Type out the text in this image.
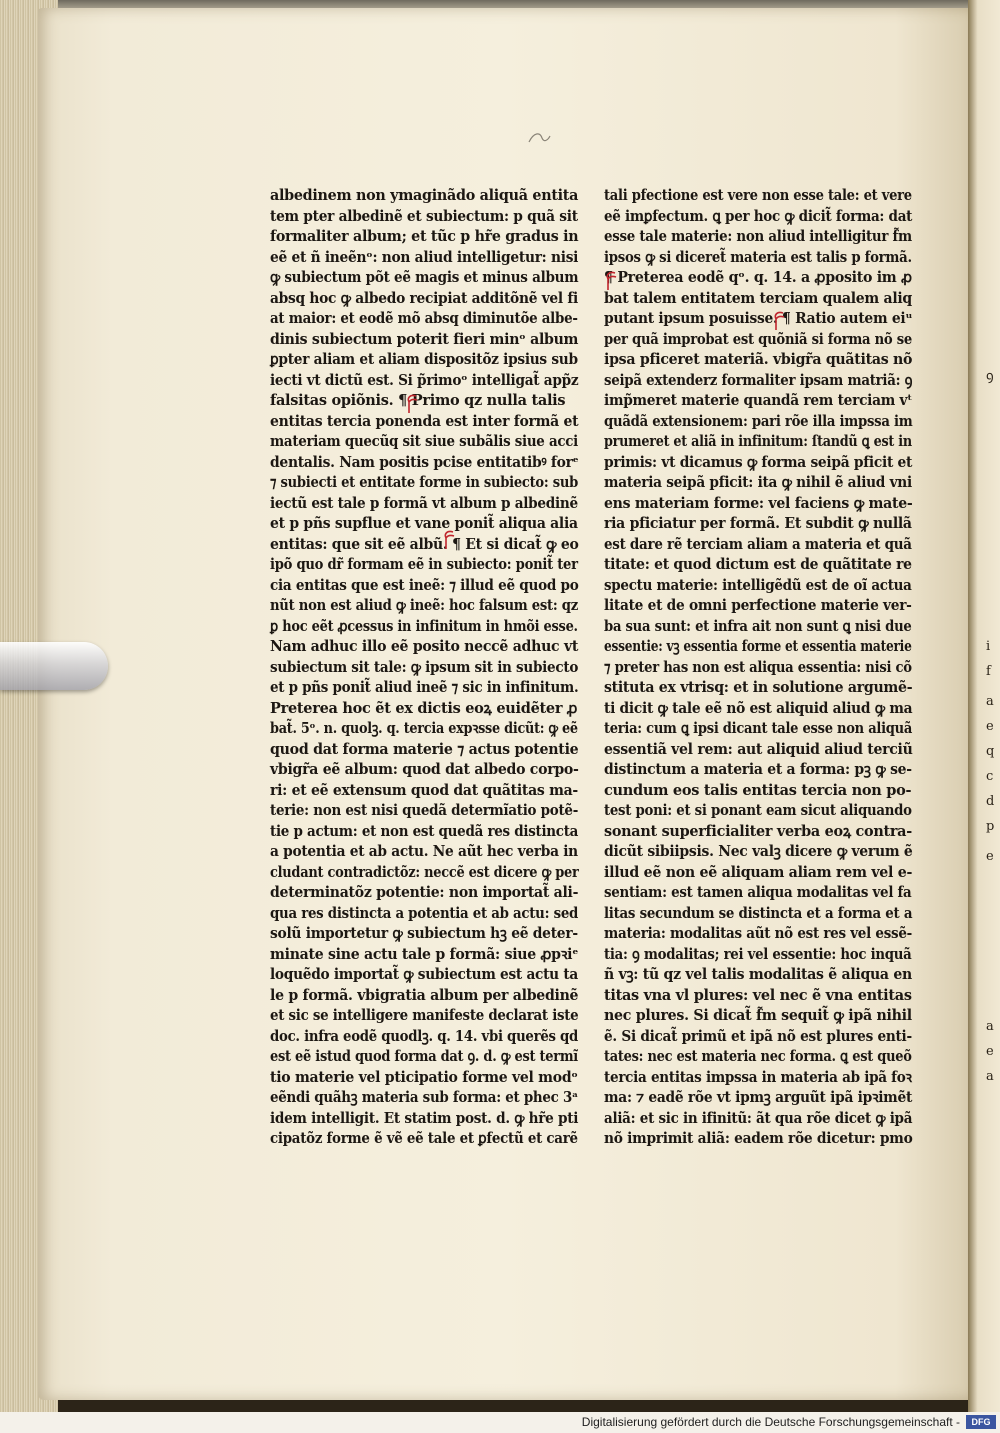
ꝯ
i
f
a
e
q
c
d
p
e
a
e
a
albedinem non ymaginãdo aliquã entita
tem pter albedinẽ et subiectum: p quã sit
formaliter album; et tũc p hr̃e gradus in
eẽ et ñ ineẽnᵒ: non aliud intelligetur: nisi
ꝙ subiectum põt eẽ magis et minus album
absq hoc ꝙ albedo recipiat additõnẽ vel fi
at maior: et eodẽ mõ absq diminutõe albe-
dinis subiectum poterit fieri minᵒ album
ꝑpter aliam et aliam dispositõz ipsius sub
iecti vt dictũ est. Si p̃rimoᵒ intelligat̃ app̃z
falsitas opiõnis. ¶ Primo qz nulla talis
entitas tercia ponenda est inter formã et
materiam quecũq sit siue subãlis siue acci
dentalis. Nam positis pcise entitatibꝰ forᵉ
⁊ subiecti et entitate forme in subiecto: sub
iectũ est tale p formã vt album p albedinẽ
et p pñs supflue et vane ponit̃ aliqua alia
entitas: que sit eẽ albũ. ¶ Et si dicat̃ ꝙ eo
ipõ quo dr̃ formam eẽ in subiecto: ponit̃ ter
cia entitas que est ineẽ: ⁊ illud eẽ quod po
nũt non est aliud ꝙ ineẽ: hoc falsum est: qz
ꝑ hoc eẽt ꝓcessus in infinitum in hmõi esse.
Nam adhuc illo eẽ posito neccẽ adhuc vt
subiectum sit tale: ꝙ ipsum sit in subiecto
et p pñs ponit̃ aliud ineẽ ⁊ sic in infinitum.
Preterea hoc ẽt ex dictis eoꝝ euidẽter ꝓ
bat̃. 5ᵒ. n. quolꝫ. q. tercia expꝛsse dicũt: ꝙ eẽ
quod dat forma materie ⁊ actus potentie
vbigr̃a eẽ album: quod dat albedo corpo-
ri: et eẽ extensum quod dat quãtitas ma-
terie: non est nisi quedã determĩatio potẽ-
tie p actum: et non est quedã res distincta
a potentia et ab actu. Ne aũt hec verba in
cludant contradictõz: neccẽ est dicere ꝙ per
determinatõz potentie: non importat̃ ali-
qua res distincta a potentia et ab actu: sed
solũ importetur ꝙ subiectum hꝫ eẽ deter-
minate sine actu tale p formã: siue ꝓpꝛiᵉ
loquẽdo importat̃ ꝙ subiectum est actu ta
le p formã. vbigratia album per albedinẽ
et sic se intelligere manifeste declarat iste
doc. infra eodẽ quodlꝫ. q. 14. vbi querẽs qd
est eẽ istud quod forma dat ꝯ. d. ꝙ est termĩ
tio materie vel pticipatio forme vel modᵒ
eẽndi quãhꝫ materia sub forma: et phec 3ᵃ
idem intelligit. Et statim post. d. ꝙ hr̃e pti
cipatõz forme ẽ vẽ eẽ tale et ꝑfectũ et carẽ
tali pfectione est vere non esse tale: et vere
eẽ imꝑfectum. ꝗ per hoc ꝙ dicit̃ forma: dat
esse tale materie: non aliud intelligitur f̃m
ipsos ꝙ si diceret̃ materia est talis p formã.
¶ Preterea eodẽ qᵒ. q. 14. a ꝓposito im ꝓ
bat talem entitatem terciam qualem aliq
putant ipsum posuisse. ¶ Ratio autem eiᵘ
per quã improbat est quõniã si forma nõ se
ipsa pficeret materiã. vbigr̃a quãtitas nõ
seipã extenderz formaliter ipsam matriã: ꝯ
imp̃meret materie quandã rem terciam vᵗ
quãdã extensionem: pari rõe illa impssa im
prumeret et aliã in infinitum: ſtandũ ꝗ est in
primis: vt dicamus ꝙ forma seipã pficit et
materia seipã pficit: ita ꝙ nihil ẽ aliud vni
ens materiam forme: vel faciens ꝙ mate-
ria pficiatur per formã. Et subdit ꝙ nullã
est dare rẽ terciam aliam a materia et quã
titate: et quod dictum est de quãtitate re
spectu materie: intelligẽdũ est de oĩ actua
litate et de omni perfectione materie ver-
ba sua sunt: et infra ait non sunt ꝗ nisi due
essentie: vꝫ essentia forme et essentia materie
⁊ preter has non est aliqua essentia: nisi cõ
stituta ex vtrisq: et in solutione argumẽ-
ti dicit ꝙ tale eẽ nõ est aliquid aliud ꝙ ma
teria: cum ꝗ ipsi dicant tale esse non aliquã
essentiã vel rem: aut aliquid aliud terciũ
distinctum a materia et a forma: pꝫ ꝙ se-
cundum eos talis entitas tercia non po-
test poni: et si ponant eam sicut aliquando
sonant superficialiter verba eoꝝ contra-
dicũt sibiipsis. Nec valꝫ dicere ꝙ verum ẽ
illud eẽ non eẽ aliquam aliam rem vel e-
sentiam: est tamen aliqua modalitas vel fa
litas secundum se distincta et a forma et a
materia: modalitas aũt nõ est res vel essẽ-
tia: ꝯ modalitas; rei vel essentie: hoc inquã
ñ vꝫ: tũ qz vel talis modalitas ẽ aliqua en
titas vna vl plures: vel nec ẽ vna entitas
nec plures. Si dicat̃ f̃m sequit̃ ꝙ ipã nihil
ẽ. Si dicat̃ primũ et ipã nõ est plures enti-
tates: nec est materia nec forma. ꝗ est queõ
tercia entitas impssa in materia ab ipã foꝛ
ma: ⁊ eadẽ rõe vt ipmꝫ arguũt ipã ipꝛimẽt
aliã: et sic in ifinitũ: ãt qua rõe dicet ꝙ ipã
nõ imprimit aliã: eadem rõe dicetur: pmo
Digitalisierung gefördert durch die Deutsche Forschungsgemeinschaft -	DFG
